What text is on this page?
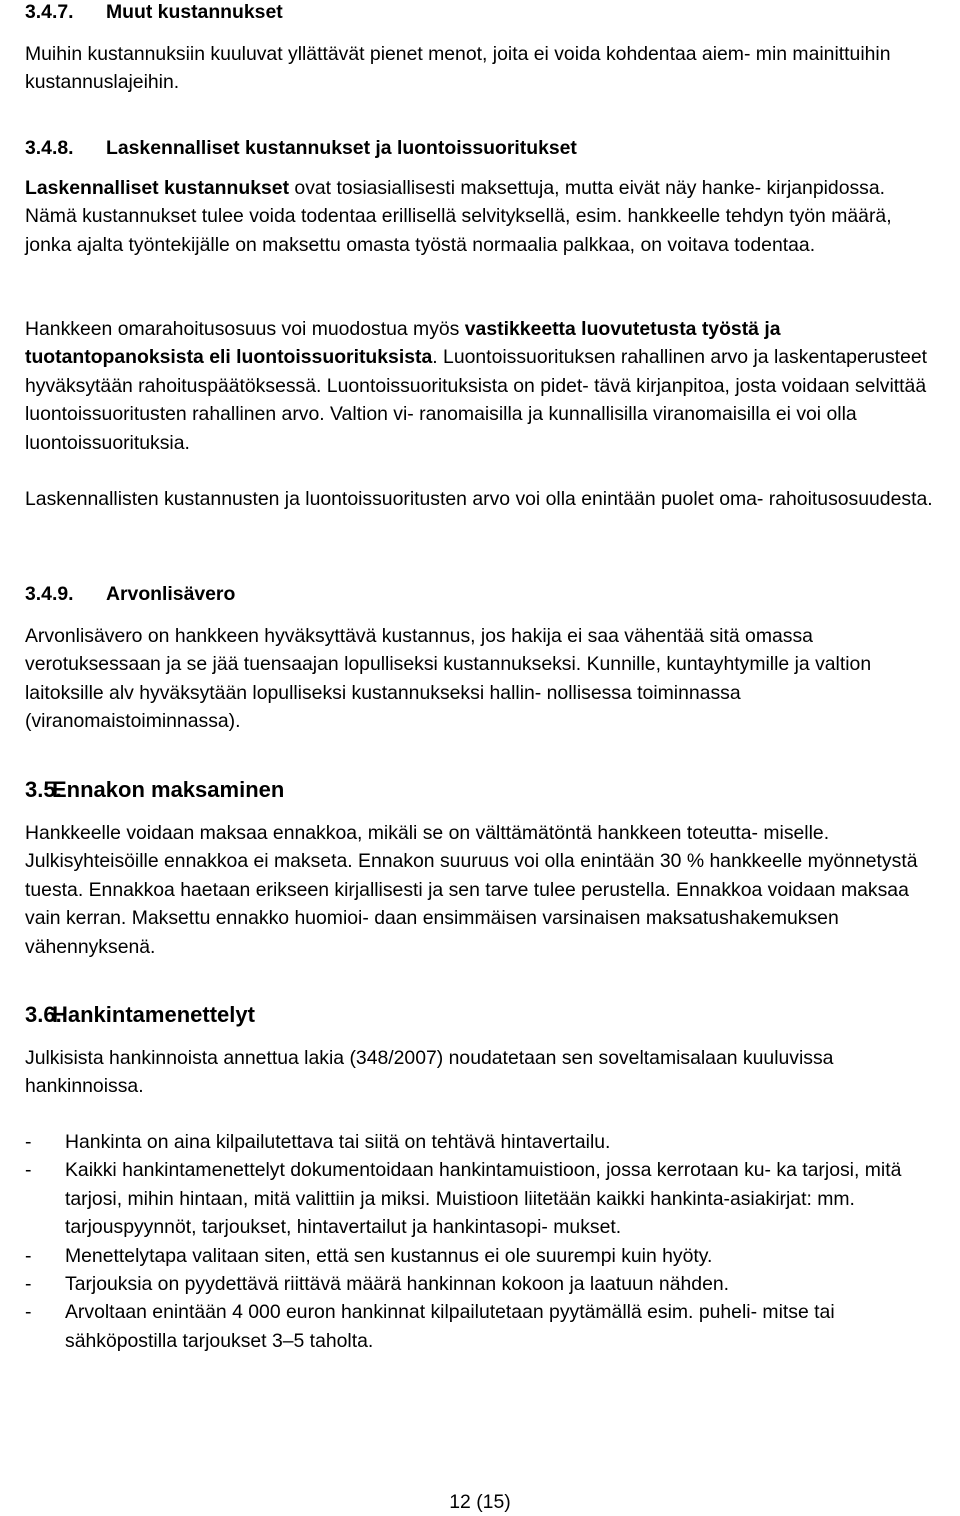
3.4.7. Muut kustannukset

Muihin kustannuksiin kuuluvat yllättävät pienet menot, joita ei voida kohdentaa aiem- min mainittuihin kustannuslajeihin.

3.4.8. Laskennalliset kustannukset ja luontoissuoritukset

Laskennalliset kustannukset ovat tosiasiallisesti maksettuja, mutta eivät näy hanke- kirjanpidossa. Nämä kustannukset tulee voida todentaa erillisellä selvityksellä, esim. hankkeelle tehdyn työn määrä, jonka ajalta työntekijälle on maksettu omasta työstä normaalia palkkaa, on voitava todentaa.

Hankkeen omarahoitusosuus voi muodostua myös vastikkeetta luovutetusta työstä ja tuotantopanoksista eli luontoissuorituksista. Luontoissuorituksen rahallinen arvo ja laskentaperusteet hyväksytään rahoituspäätöksessä. Luontoissuorituksista on pidet- tävä kirjanpitoa, josta voidaan selvittää luontoissuoritusten rahallinen arvo. Valtion vi- ranomaisilla ja kunnallisilla viranomaisilla ei voi olla luontoissuorituksia.

Laskennallisten kustannusten ja luontoissuoritusten arvo voi olla enintään puolet oma- rahoitusosuudesta.

3.4.9. Arvonlisävero

Arvonlisävero on hankkeen hyväksyttävä kustannus, jos hakija ei saa vähentää sitä omassa verotuksessaan ja se jää tuensaajan lopulliseksi kustannukseksi. Kunnille, kuntayhtymille ja valtion laitoksille alv hyväksytään lopulliseksi kustannukseksi hallin- nollisessa toiminnassa (viranomaistoiminnassa).

3.5.Ennakon maksaminen

Hankkeelle voidaan maksaa ennakkoa, mikäli se on välttämätöntä hankkeen toteutta- miselle. Julkisyhteisöille ennakkoa ei makseta. Ennakon suuruus voi olla enintään 30 % hankkeelle myönnetystä tuesta. Ennakkoa haetaan erikseen kirjallisesti ja sen tarve tulee perustella. Ennakkoa voidaan maksaa vain kerran. Maksettu ennakko huomioi- daan ensimmäisen varsinaisen maksatushakemuksen vähennyksenä.

3.6.Hankintamenettelyt

Julkisista hankinnoista annettua lakia (348/2007) noudatetaan sen soveltamisalaan kuuluvissa hankinnoissa.

- Hankinta on aina kilpailutettava tai siitä on tehtävä hintavertailu.
- Kaikki hankintamenettelyt dokumentoidaan hankintamuistioon, jossa kerrotaan ku- ka tarjosi, mitä tarjosi, mihin hintaan, mitä valittiin ja miksi. Muistioon liitetään kaikki hankinta-asiakirjat: mm. tarjouspyynnöt, tarjoukset, hintavertailut ja hankintasopi- mukset.
- Menettelytapa valitaan siten, että sen kustannus ei ole suurempi kuin hyöty.
- Tarjouksia on pyydettävä riittävä määrä hankinnan kokoon ja laatuun nähden.
- Arvoltaan enintään 4 000 euron hankinnat kilpailutetaan pyytämällä esim. puheli- mitse tai sähköpostilla tarjoukset 3–5 taholta.

12 (15)
